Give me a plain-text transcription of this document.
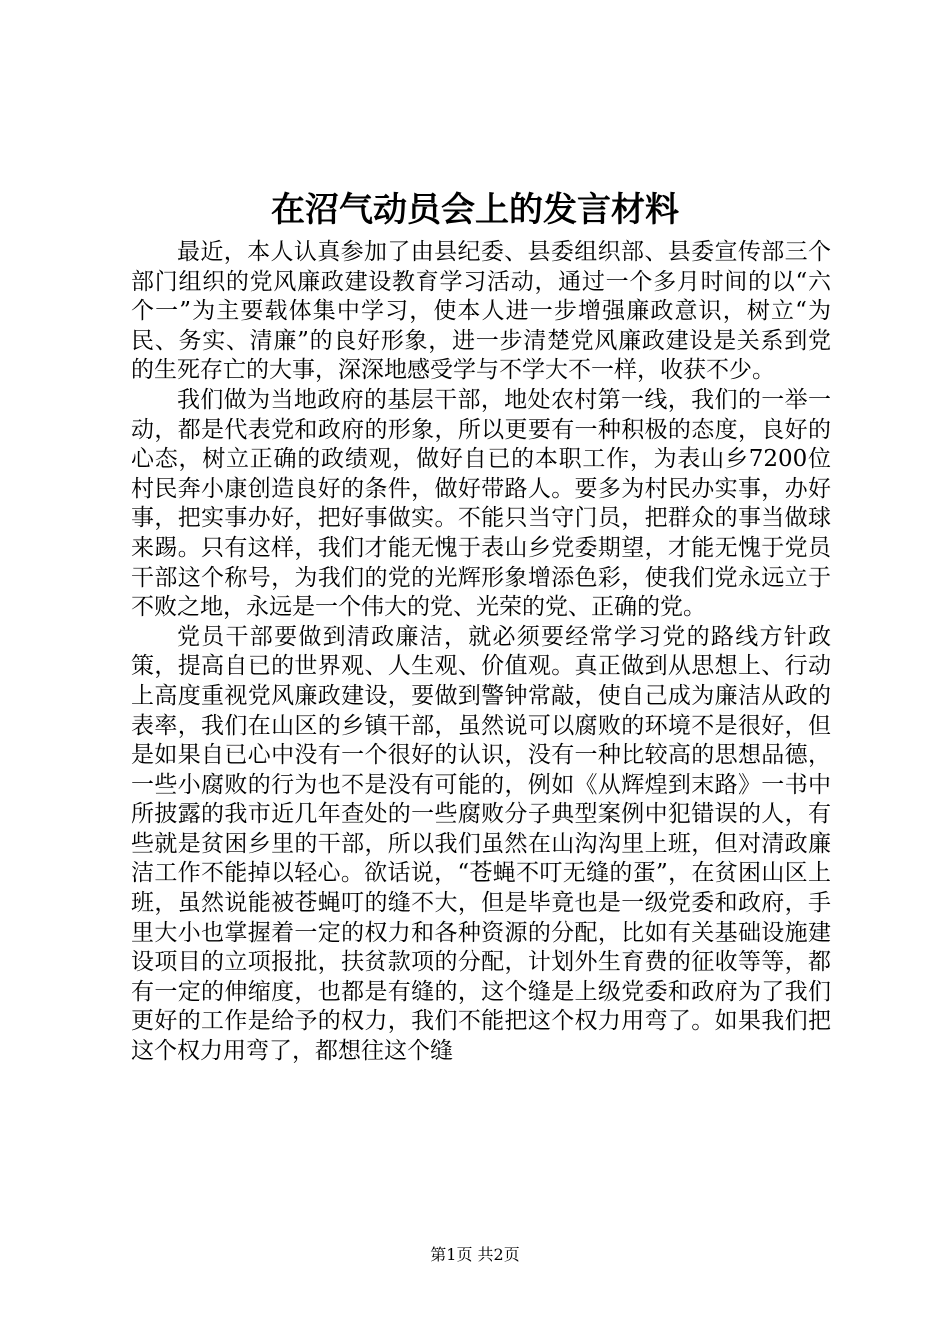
在沼气动员会上的发言材料

最近，本人认真参加了由县纪委、县委组织部、县委宣传部三个部门组织的党风廉政建设教育学习活动，通过一个多月时间的以“六个一”为主要载体集中学习，使本人进一步增强廉政意识，树立“为民、务实、清廉”的良好形象，进一步清楚党风廉政建设是关系到党的生死存亡的大事，深深地感受学与不学大不一样，收获不少。

我们做为当地政府的基层干部，地处农村第一线，我们的一举一动，都是代表党和政府的形象，所以更要有一种积极的态度，良好的心态，树立正确的政绩观，做好自已的本职工作，为表山乡7200位村民奔小康创造良好的条件，做好带路人。要多为村民办实事，办好事，把实事办好，把好事做实。不能只当守门员，把群众的事当做球来踢。只有这样，我们才能无愧于表山乡党委期望，才能无愧于党员干部这个称号，为我们的党的光辉形象增添色彩，使我们党永远立于不败之地，永远是一个伟大的党、光荣的党、正确的党。

党员干部要做到清政廉洁，就必须要经常学习党的路线方针政策，提高自已的世界观、人生观、价值观。真正做到从思想上、行动上高度重视党风廉政建设，要做到警钟常敲，使自己成为廉洁从政的表率，我们在山区的乡镇干部，虽然说可以腐败的环境不是很好，但是如果自已心中没有一个很好的认识，没有一种比较高的思想品德，一些小腐败的行为也不是没有可能的，例如《从辉煌到末路》一书中所披露的我市近几年查处的一些腐败分子典型案例中犯错误的人，有些就是贫困乡里的干部，所以我们虽然在山沟沟里上班，但对清政廉洁工作不能掉以轻心。欲话说，“苍蝇不叮无缝的蛋”，在贫困山区上班，虽然说能被苍蝇叮的缝不大，但是毕竟也是一级党委和政府，手里大小也掌握着一定的权力和各种资源的分配，比如有关基础设施建设项目的立项报批，扶贫款项的分配，计划外生育费的征收等等，都有一定的伸缩度，也都是有缝的，这个缝是上级党委和政府为了我们更好的工作是给予的权力，我们不能把这个权力用弯了。如果我们把这个权力用弯了，都想往这个缝

第1页 共2页
